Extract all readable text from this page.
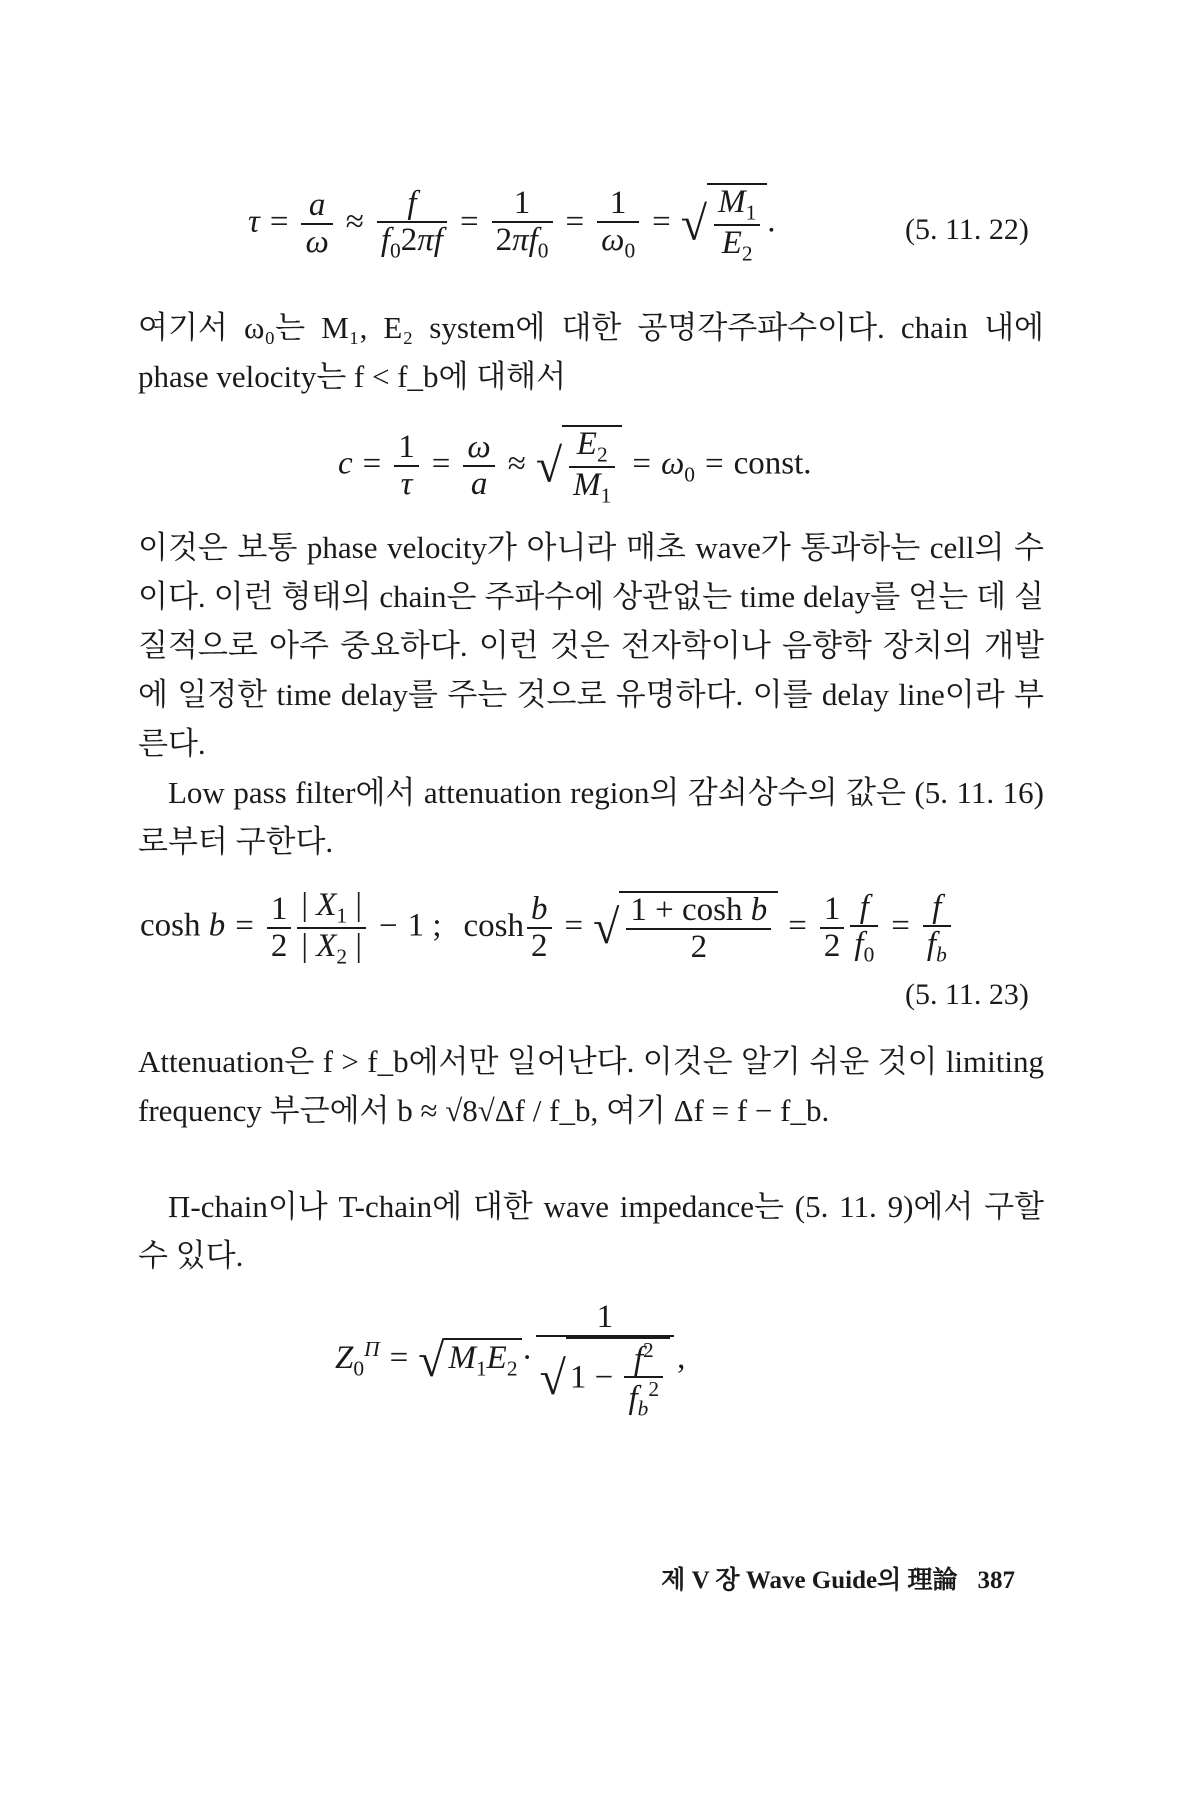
$\tau = \frac{a}{\omega} \approx \frac{f}{f_02\pi f} = \frac{1}{2\pi f_0} = \frac{1}{\omega_0}$ = √ $\frac{M_1}{E_2}$ .	(5. 11. 22)
여기서 ω₀는 M₁, E₂ system에 대한 공명각주파수이다. chain 내에 phase velocity는 f < f_b에 대해서
$c = \frac{1}{\tau} = \frac{\omega}{a}$ ≈ √ $\frac{E_2}{M_1} = \omega_0$ = const.
이것은 보통 phase velocity가 아니라 매초 wave가 통과하는 cell의 수이다. 이런 형태의 chain은 주파수에 상관없는 time delay를 얻는 데 실질적으로 아주 중요하다. 이런 것은 전자학이나 음향학 장치의 개발에 일정한 time delay를 주는 것으로 유명하다. 이를 delay line이라 부른다.
Low pass filter에서 attenuation region의 감쇠상수의 값은 (5. 11. 16)로부터 구한다.
$\cosh b = \frac{1}{2} \frac{| X_1 |}{| X_2 |} - 1$ ; $\cosh \frac{b}{2}$ = √ $\frac{\text{1 + cosh b}}{2} = \frac{1}{2} \frac{f}{f_0} = \frac{f}{f_b}$
(5. 11. 23)
Attenuation은 f > f_b에서만 일어난다. 이것은 알기 쉬운 것이 limiting frequency 부근에서 b ≈ √8√Δf / f_b, 여기 Δf = f − f_b.
Π-chain이나 T-chain에 대한 wave impedance는 (5. 11. 9)에서 구할 수 있다.
$Z_0^\Pi$ = √ $M_1E_2 \cdot \frac{1}{√ 1 - \frac{f^2}{f_b^2}}$ ,
제 V 장 Wave Guide의 理論 387
